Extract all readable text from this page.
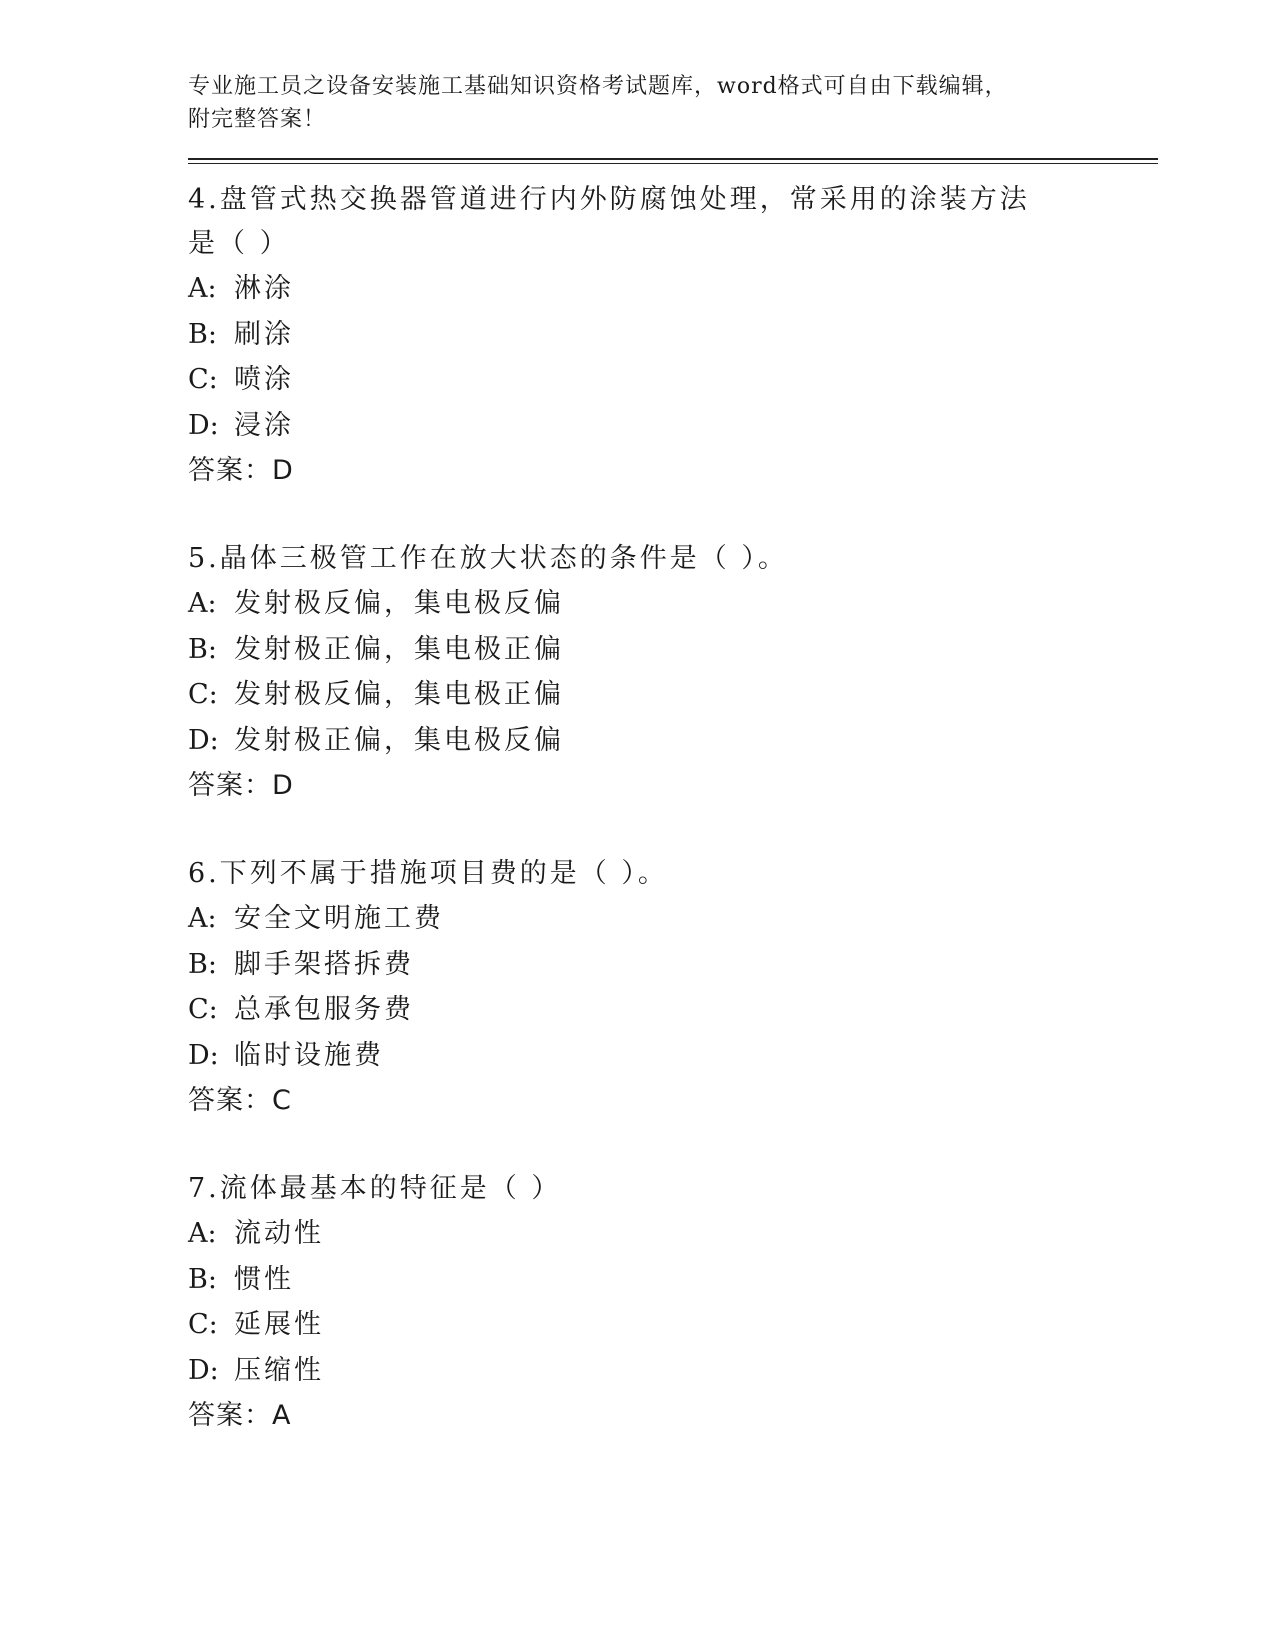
专业施工员之设备安装施工基础知识资格考试题库，word格式可自由下载编辑，

附完整答案！

4.盘管式热交换器管道进行内外防腐蚀处理，常采用的涂装方法是（ ）

A: 淋涂

B: 刷涂

C: 喷涂

D: 浸涂

答案：D

5.晶体三极管工作在放大状态的条件是（ ）。

A: 发射极反偏，集电极反偏

B: 发射极正偏，集电极正偏

C: 发射极反偏，集电极正偏

D: 发射极正偏，集电极反偏

答案：D

6.下列不属于措施项目费的是（ ）。

A: 安全文明施工费

B: 脚手架搭拆费

C: 总承包服务费

D: 临时设施费

答案：C

7.流体最基本的特征是（ ）

A: 流动性

B: 惯性

C: 延展性

D: 压缩性

答案：A
